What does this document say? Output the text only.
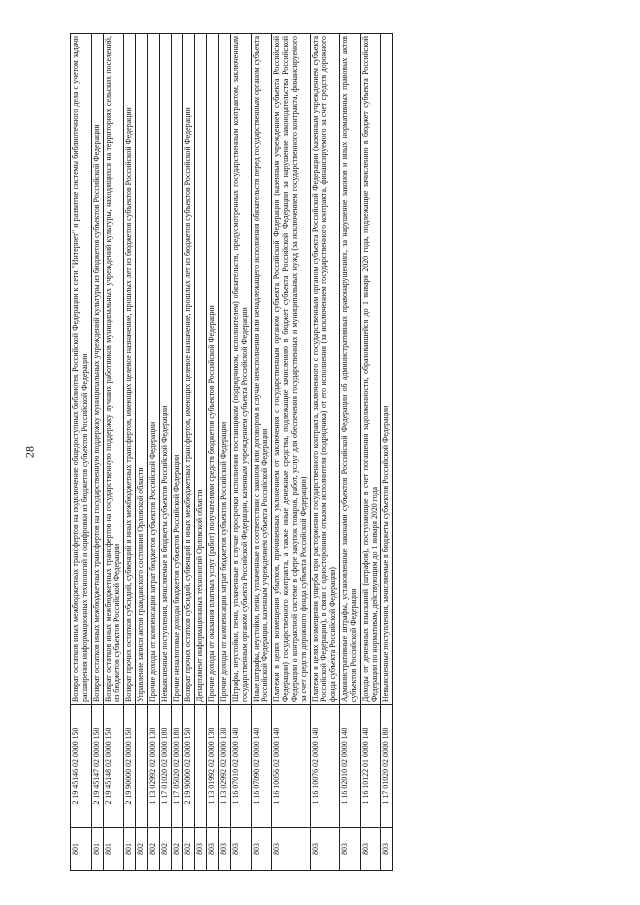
28
801	2 19 45146 02 0000 150	Возврат остатков иных межбюджетных трансфертов на подключение общедоступных библиотек Российской Федерации к сети "Интернет" и развитие системы библиотечного дела с учетом задачи расширения информационных технологий и оцифровки из бюджетов субъектов Российской Федерации
801	2 19 45147 02 0000 150	Возврат остатков иных межбюджетных трансфертов на государственную поддержку муниципальных учреждений культуры из бюджетов субъектов Российской Федерации
801	2 19 45148 02 0000 150	Возврат остатков иных межбюджетных трансфертов на государственную поддержку лучших работников муниципальных учреждений культуры, находящихся на территориях сельских поселений, из бюджетов субъектов Российской Федерации
801	2 19 90000 02 0000 150	Возврат прочих остатков субсидий, субвенций и иных межбюджетных трансфертов, имеющих целевое назначение, прошлых лет из бюджетов субъектов Российской Федерации
802		Управление записи актов гражданского состояния Орловской области
802	1 13 02992 02 0000 130	Прочие доходы от компенсации затрат бюджетов субъектов Российской Федерации
802	1 17 01020 02 0000 180	Невыясненные поступления, зачисляемые в бюджеты субъектов Российской Федерации
802	1 17 05020 02 0000 180	Прочие неналоговые доходы бюджетов субъектов Российской Федерации
802	2 19 90000 02 0000 150	Возврат прочих остатков субсидий, субвенций и иных межбюджетных трансфертов, имеющих целевое назначение, прошлых лет из бюджетов субъектов Российской Федерации
803		Департамент информационных технологий Орловской области
803	1 13 01992 02 0000 130	Прочие доходы от оказания платных услуг (работ) получателями средств бюджетов субъектов Российской Федерации
803	1 13 02992 02 0000 130	Прочие доходы от компенсации затрат бюджетов субъектов Российской Федерации
803	1 16 07010 02 0000 140	Штрафы, неустойки, пени, уплаченные в случае просрочки исполнения поставщиком (подрядчиком, исполнителем) обязательств, предусмотренных государственным контрактом, заключенным государственным органом субъекта Российской Федерации, казенным учреждением субъекта Российской Федерации
803	1 16 07090 02 0000 140	Иные штрафы, неустойки, пени, уплаченные в соответствии с законом или договором в случае неисполнения или ненадлежащего исполнения обязательств перед государственным органом субъекта Российской Федерации, казенным учреждением субъекта Российской Федерации
803	1 16 10056 02 0000 140	Платежи в целях возмещения убытков, причиненных уклонением от заключения с государственным органом субъекта Российской Федерации (казенным учреждением субъекта Российской Федерации) государственного контракта, а также иные денежные средства, подлежащие зачислению в бюджет субъекта Российской Федерации за нарушение законодательства Российской Федерации о контрактной системе в сфере закупок товаров, работ, услуг для обеспечения государственных и муниципальных нужд (за исключением государственного контракта, финансируемого за счет средств дорожного фонда субъекта Российской Федерации)
803	1 16 10076 02 0000 140	Платежи в целях возмещения ущерба при расторжении государственного контракта, заключенного с государственным органом субъекта Российской Федерации (казенным учреждением субъекта Российской Федерации), в связи с односторонним отказом исполнителя (подрядчика) от его исполнения (за исключением государственного контракта, финансируемого за счет средств дорожного фонда субъекта Российской Федерации)
803	1 16 02010 02 0000 140	Административные штрафы, установленные законами субъектов Российской Федерации об административных правонарушениях, за нарушение законов и иных нормативных правовых актов субъектов Российской Федерации
803	1 16 10122 01 0000 140	Доходы от денежных взысканий (штрафов), поступающие в счет погашения задолженности, образовавшейся до 1 января 2020 года, подлежащие зачислению в бюджет субъекта Российской Федерации по нормативам, действующим до 1 января 2020 года
803	1 17 01020 02 0000 180	Невыясненные поступления, зачисляемые в бюджеты субъектов Российской Федерации
